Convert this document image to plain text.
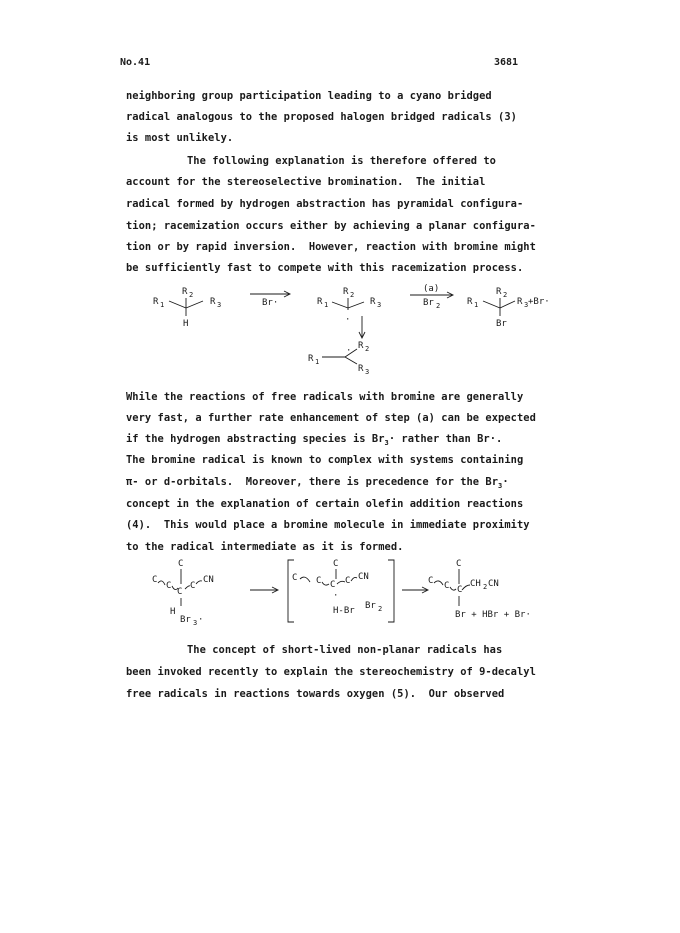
No.41	3681
neighboring group participation leading to a cyano bridged
radical analogous to the proposed halogen bridged radicals (3)
is most unlikely.
The following explanation is therefore offered to
account for the stereoselective bromination.  The initial
radical formed by hydrogen abstraction has pyramidal configura-
tion; racemization occurs either by achieving a planar configura-
tion or by rapid inversion.  However, reaction with bromine might
be sufficiently fast to compete with this racemization process.
R 1
R 2
R 3
H
Br·	R 1
R 2
R 3
·
R 1
· R 2
R 3
(a)
Br 2	R 1
R 2
R 3 +Br·
Br
While the reactions of free radicals with bromine are generally
very fast, a further rate enhancement of step (a) can be expected
if the hydrogen abstracting species is $Br_3\cdot$ rather than Br·.
The bromine radical is known to complex with systems containing
π- or d-orbitals.  Moreover, there is precedence for the $Br_3\cdot$
concept in the explanation of certain olefin addition reactions
(4).  This would place a bromine molecule in immediate proximity
to the radical intermediate as it is formed.
C
C
C
C
C
CN
H
Br 3 ·
C
C
C C C CN
·
H-Br Br 2
C
C
C C
CH 2 CN
Br + HBr + Br·
The concept of short-lived non-planar radicals has
been invoked recently to explain the stereochemistry of 9-decalyl
free radicals in reactions towards oxygen (5).  Our observed
